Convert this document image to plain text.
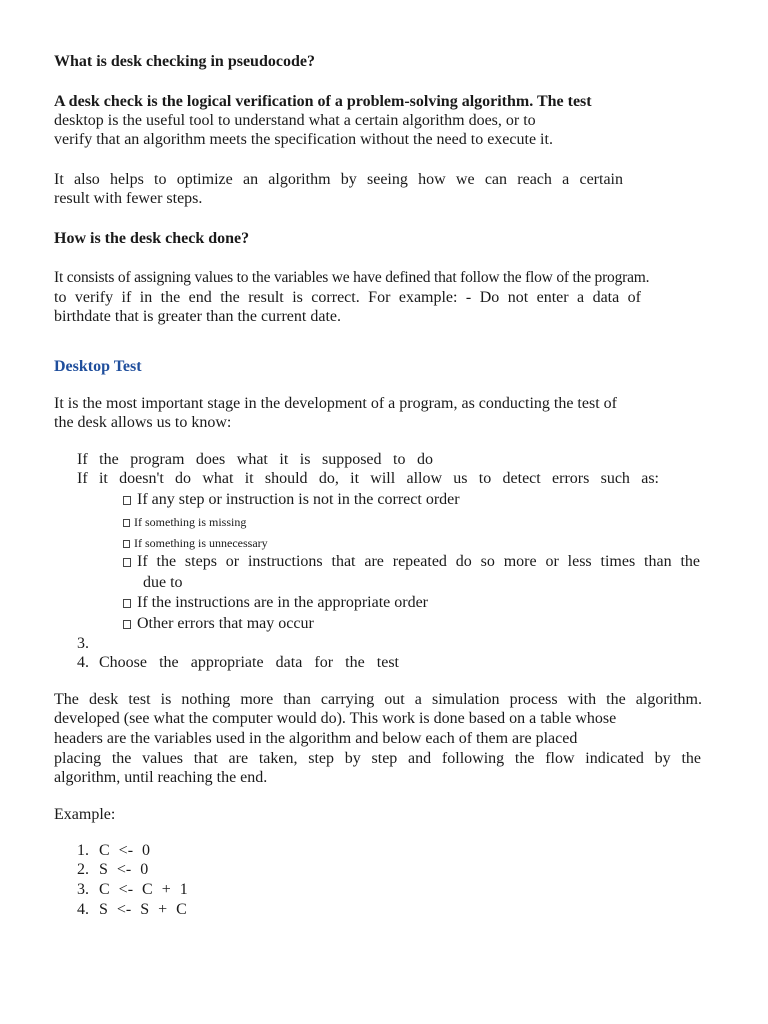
What is desk checking in pseudocode?

A desk check is the logical verification of a problem-solving algorithm. The test

desktop is the useful tool to understand what a certain algorithm does, or to

verify that an algorithm meets the specification without the need to execute it.

It also helps to optimize an algorithm by seeing how we can reach a certain

result with fewer steps.

How is the desk check done?

It consists of assigning values to the variables we have defined that follow the flow of the program.

to verify if in the end the result is correct. For example: - Do not enter a data of

birthdate that is greater than the current date.

Desktop Test

It is the most important stage in the development of a program, as conducting the test of

the desk allows us to know:

If the program does what it is supposed to do

If it doesn't do what it should do, it will allow us to detect errors such as:

If any step or instruction is not in the correct order

If something is missing

If something is unnecessary

If the steps or instructions that are repeated do so more or less times than the

due to

If the instructions are in the appropriate order

Other errors that may occur

3.

4. Choose the appropriate data for the test

The desk test is nothing more than carrying out a simulation process with the algorithm.

developed (see what the computer would do). This work is done based on a table whose

headers are the variables used in the algorithm and below each of them are placed

placing the values that are taken, step by step and following the flow indicated by the

algorithm, until reaching the end.

Example:

1. C <- 0

2. S <- 0

3. C <- C + 1

4. S <- S + C
